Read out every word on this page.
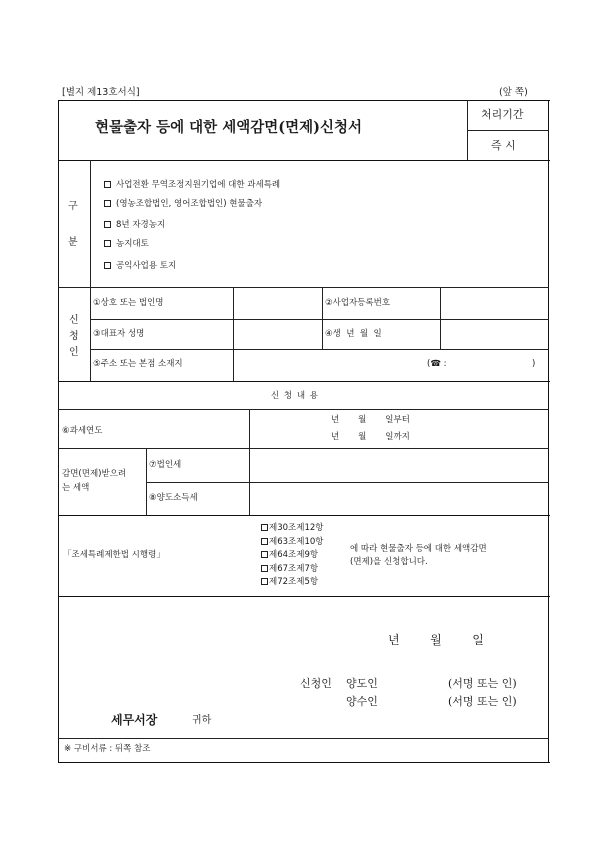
[별지 제13호서식]	(앞 쪽)
현물출자 등에 대한 세액감면(면제)신청서
처리기간
즉 시
구
분
사업전환 무역조정지원기업에 대한 과세특례
(영농조합법인, 영어조합법인) 현물출자
8년 자경농지
농지대토
공익사업용 토지
신
청
인
①상호 또는 법인명	②사업자등록번호
③대표자 성명	④생  년  월  일
⑤주소 또는 본점 소재지	(☎ :	)
신 청 내 용
⑥과세연도
년       월       일부터
년       월       일까지
감면(면제)받으려
는 세액
⑦법인세
⑧양도소득세
「조세특례제한법 시행령」
제30조제12항
제63조제10항
제64조제9항
제67조제7항
제72조제5항
에 따라 현물출자 등에 대한 세액감면
(면제)을 신청합니다.
년        월        일
신청인 양도인	(서명 또는 인)
양수인	(서명 또는 인)
세무서장	귀하
※ 구비서류 : 뒤쪽 참조
